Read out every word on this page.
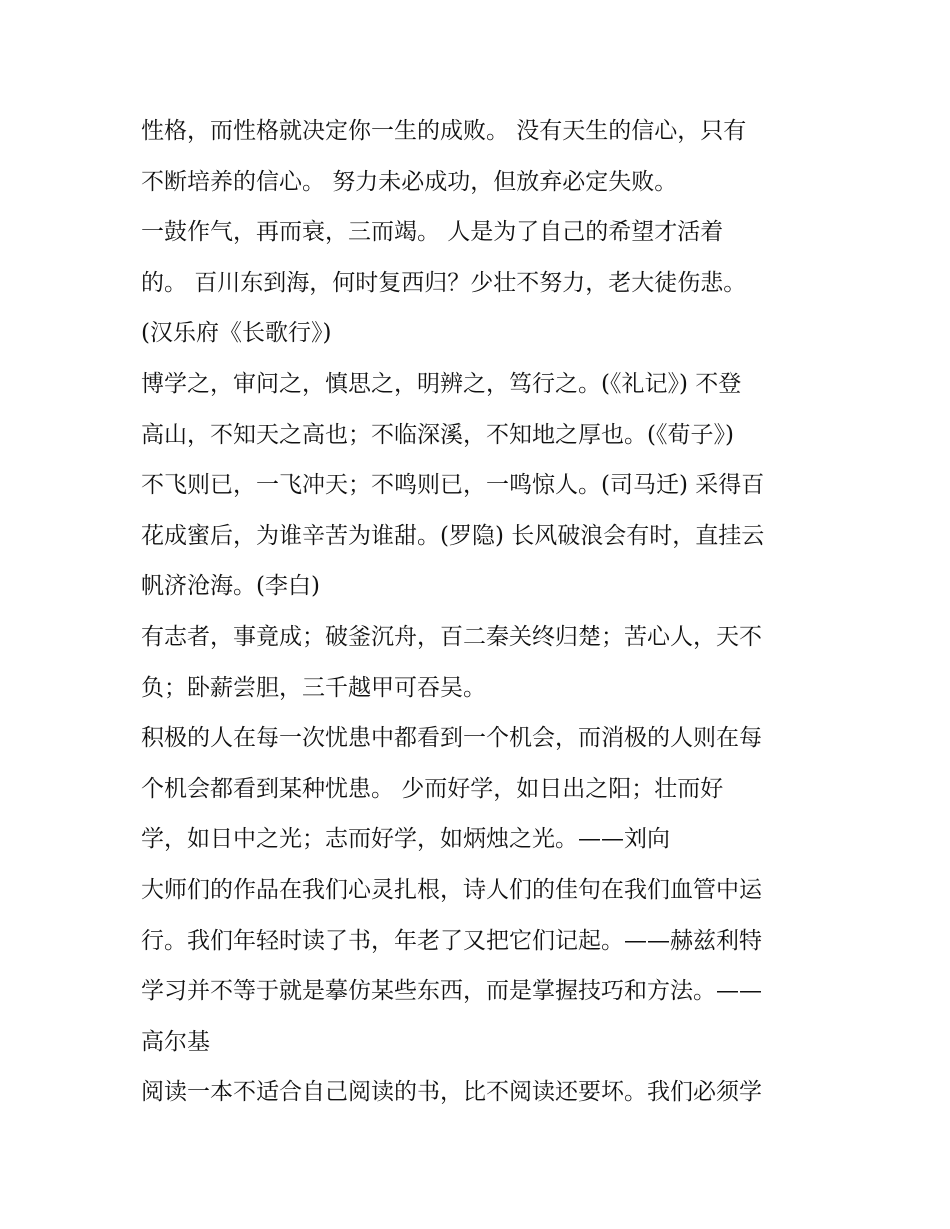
性格，而性格就决定你一生的成败。 没有天生的信心，只有
不断培养的信心。 努力未必成功，但放弃必定失败。
一鼓作气，再而衰，三而竭。 人是为了自己的希望才活着
的。 百川东到海，何时复西归？少壮不努力，老大徒伤悲。
(汉乐府《长歌行》)
博学之，审问之，慎思之，明辨之，笃行之。(《礼记》) 不登
高山，不知天之高也；不临深溪，不知地之厚也。(《荀子》)
不飞则已，一飞冲天；不鸣则已，一鸣惊人。(司马迁) 采得百
花成蜜后，为谁辛苦为谁甜。(罗隐) 长风破浪会有时，直挂云
帆济沧海。(李白)
有志者，事竟成；破釜沉舟，百二秦关终归楚；苦心人，天不
负；卧薪尝胆，三千越甲可吞吴。
积极的人在每一次忧患中都看到一个机会，而消极的人则在每
个机会都看到某种忧患。 少而好学，如日出之阳；壮而好
学，如日中之光；志而好学，如炳烛之光。——刘向
大师们的作品在我们心灵扎根，诗人们的佳句在我们血管中运
行。我们年轻时读了书，年老了又把它们记起。——赫兹利特
学习并不等于就是摹仿某些东西，而是掌握技巧和方法。——
高尔基
阅读一本不适合自己阅读的书，比不阅读还要坏。我们必须学
